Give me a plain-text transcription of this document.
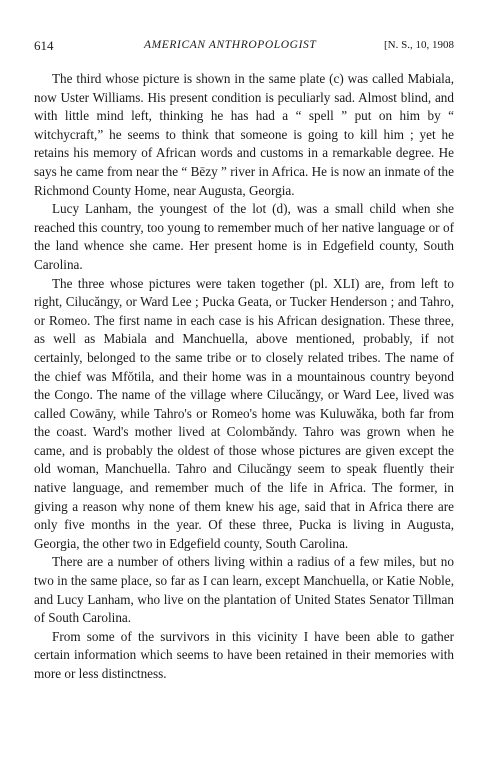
614	AMERICAN ANTHROPOLOGIST	[N. S., 10, 1908

The third whose picture is shown in the same plate (c) was called Mabiala, now Uster Williams. His present condition is peculiarly sad. Almost blind, and with little mind left, thinking he has had a “ spell ” put on him by “ witchycraft,” he seems to think that someone is going to kill him ; yet he retains his memory of African words and customs in a remarkable degree. He says he came from near the “ Bēzy ” river in Africa. He is now an inmate of the Richmond County Home, near Augusta, Georgia.

Lucy Lanham, the youngest of the lot (d), was a small child when she reached this country, too young to remember much of her native language or of the land whence she came. Her present home is in Edgefield county, South Carolina.

The three whose pictures were taken together (pl. XLI) are, from left to right, Cilucăngy, or Ward Lee ; Pucka Geata, or Tucker Henderson ; and Tahro, or Romeo. The first name in each case is his African designation. These three, as well as Mabiala and Manchuella, above mentioned, probably, if not certainly, belonged to the same tribe or to closely related tribes. The name of the chief was Mfŏtila, and their home was in a mountainous country beyond the Congo. The name of the village where Cilucăngy, or Ward Lee, lived was called Cowāny, while Tahro's or Romeo's home was Kuluwăka, both far from the coast. Ward's mother lived at Colombăndy. Tahro was grown when he came, and is probably the oldest of those whose pictures are given except the old woman, Manchuella. Tahro and Cilucăngy seem to speak fluently their native language, and remember much of the life in Africa. The former, in giving a reason why none of them knew his age, said that in Africa there are only five months in the year. Of these three, Pucka is living in Augusta, Georgia, the other two in Edgefield county, South Carolina.

There are a number of others living within a radius of a few miles, but no two in the same place, so far as I can learn, except Manchuella, or Katie Noble, and Lucy Lanham, who live on the plantation of United States Senator Tillman of South Carolina.

From some of the survivors in this vicinity I have been able to gather certain information which seems to have been retained in their memories with more or less distinctness.
